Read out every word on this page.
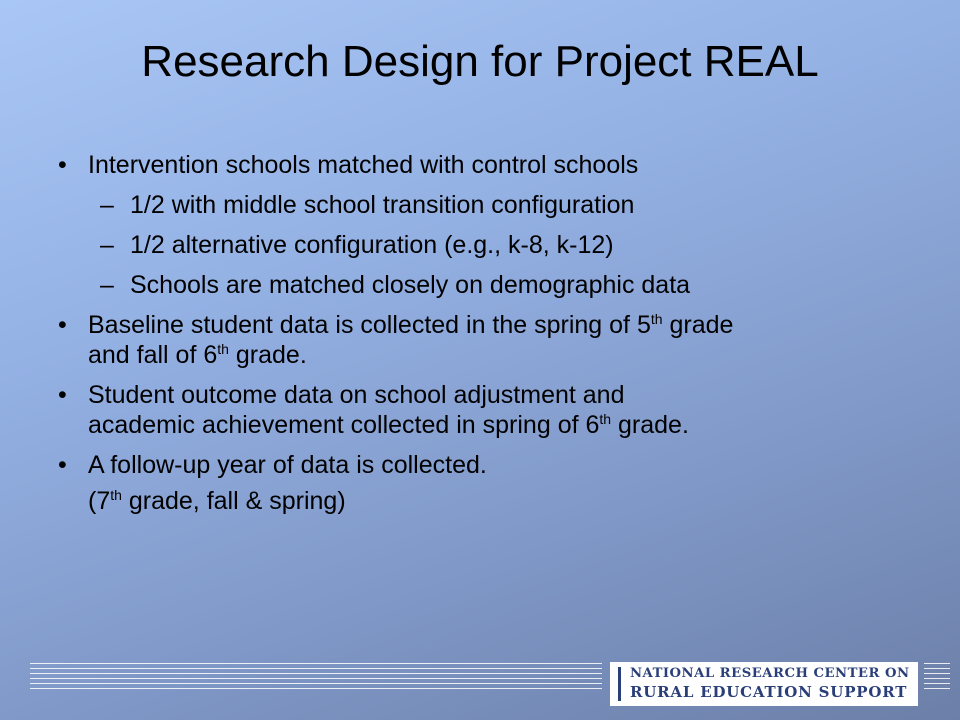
Research Design for Project REAL
• Intervention schools matched with control schools
– 1/2 with middle school transition configuration
– 1/2 alternative configuration (e.g., k-8, k-12)
– Schools are matched closely on demographic data
• Baseline student data is collected in the spring of 5th grade
and fall of 6th grade.
• Student outcome data on school adjustment and
academic achievement collected in spring of 6th grade.
• A follow-up year of data is collected.
(7th grade, fall & spring)
NATIONAL RESEARCH CENTER ON
RURAL EDUCATION SUPPORT
